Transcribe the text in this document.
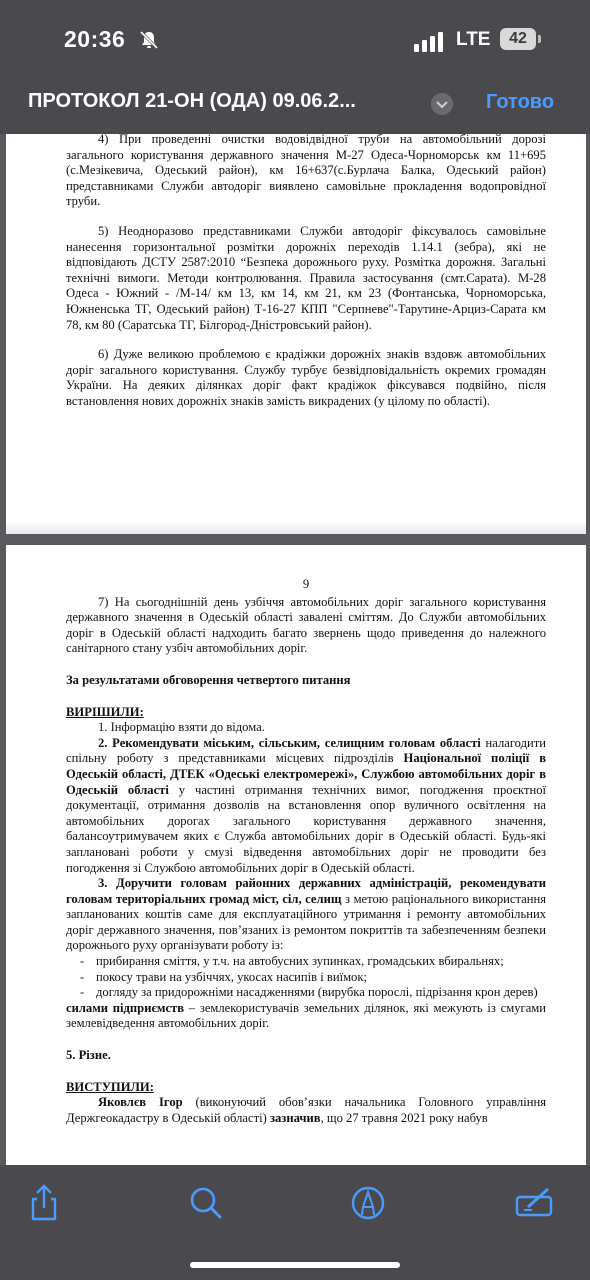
20:36	LTE	42
ПРОТОКОЛ 21-ОН (ОДА) 09.06.2...	Готово

4) При проведенні очистки водовідвідної труби на автомобільний дорозі загального користування державного значення М-27 Одеса-Чорноморськ км 11+695 (с.Мезікевича, Одеський район), км 16+637(с.Бурлача Балка, Одеський район) представниками Служби автодоріг виявлено самовільне прокладення водопровідної труби.

5) Неодноразово представниками Служби автодоріг фіксувалось самовільне нанесення горизонтальної розмітки дорожніх переходів 1.14.1 (зебра), які не відповідають ДСТУ 2587:2010 “Безпека дорожнього руху. Розмітка дорожня. Загальні технічні вимоги. Методи контролювання. Правила застосування (смт.Сарата). М-28 Одеса - Южний - /М-14/ км 13, км 14, км 21, км 23 (Фонтанська, Чорноморська, Южненська ТГ, Одеський район) Т-16-27 КПП "Серпневе"-Тарутине-Арциз-Сарата км 78, км 80 (Саратська ТГ, Білгород-Дністровський район).

6) Дуже великою проблемою є крадіжки дорожніх знаків вздовж автомобільних доріг загального користування. Службу турбує безвідповідальність окремих громадян України. На деяких ділянках доріг факт крадіжок фіксувався подвійно, після встановлення нових дорожніх знаків замість викрадених (у цілому по області).

9

7) На сьогоднішній день узбіччя автомобільних доріг загального користування державного значення в Одеській області завалені сміттям. До Служби автомобільних доріг в Одеській області надходить багато звернень щодо приведення до належного санітарного стану узбіч автомобільних доріг.

За результатами обговорення четвертого питання

ВИРІШИЛИ:

1. Інформацію взяти до відома.

2. Рекомендувати міським, сільським, селищним головам області налагодити спільну роботу з представниками місцевих підрозділів Національної поліції в Одеській області, ДТЕК «Одеські електромережі», Службою автомобільних доріг в Одеській області у частині отримання технічних вимог, погодження проєктної документації, отримання дозволів на встановлення опор вуличного освітлення на автомобільних дорогах загального користування державного значення, балансоутримувачем яких є Служба автомобільних доріг в Одеській області. Будь-які заплановані роботи у смузі відведення автомобільних доріг не проводити без погодження зі Службою автомобільних доріг в Одеській області.

3. Доручити головам районних державних адміністрацій, рекомендувати головам територіальних громад міст, сіл, селищ з метою раціонального використання запланованих коштів саме для експлуатаційного утримання і ремонту автомобільних доріг державного значення, пов’язаних із ремонтом покриттів та забезпеченням безпеки дорожнього руху організувати роботу із:

- прибирання сміття, у т.ч. на автобусних зупинках, громадських вбиральнях;
- покосу трави на узбіччях, укосах насипів і виїмок;
- догляду за придорожніми насадженнями (вирубка порослі, підрізання крон дерев)

силами підприємств – землекористувачів земельних ділянок, які межують із смугами землевідведення автомобільних доріг.

5. Різне.

ВИСТУПИЛИ:

Яковлєв Ігор (виконуючий обов’язки начальника Головного управління Держгеокадастру в Одеській області) зазначив, що 27 травня 2021 року набув
